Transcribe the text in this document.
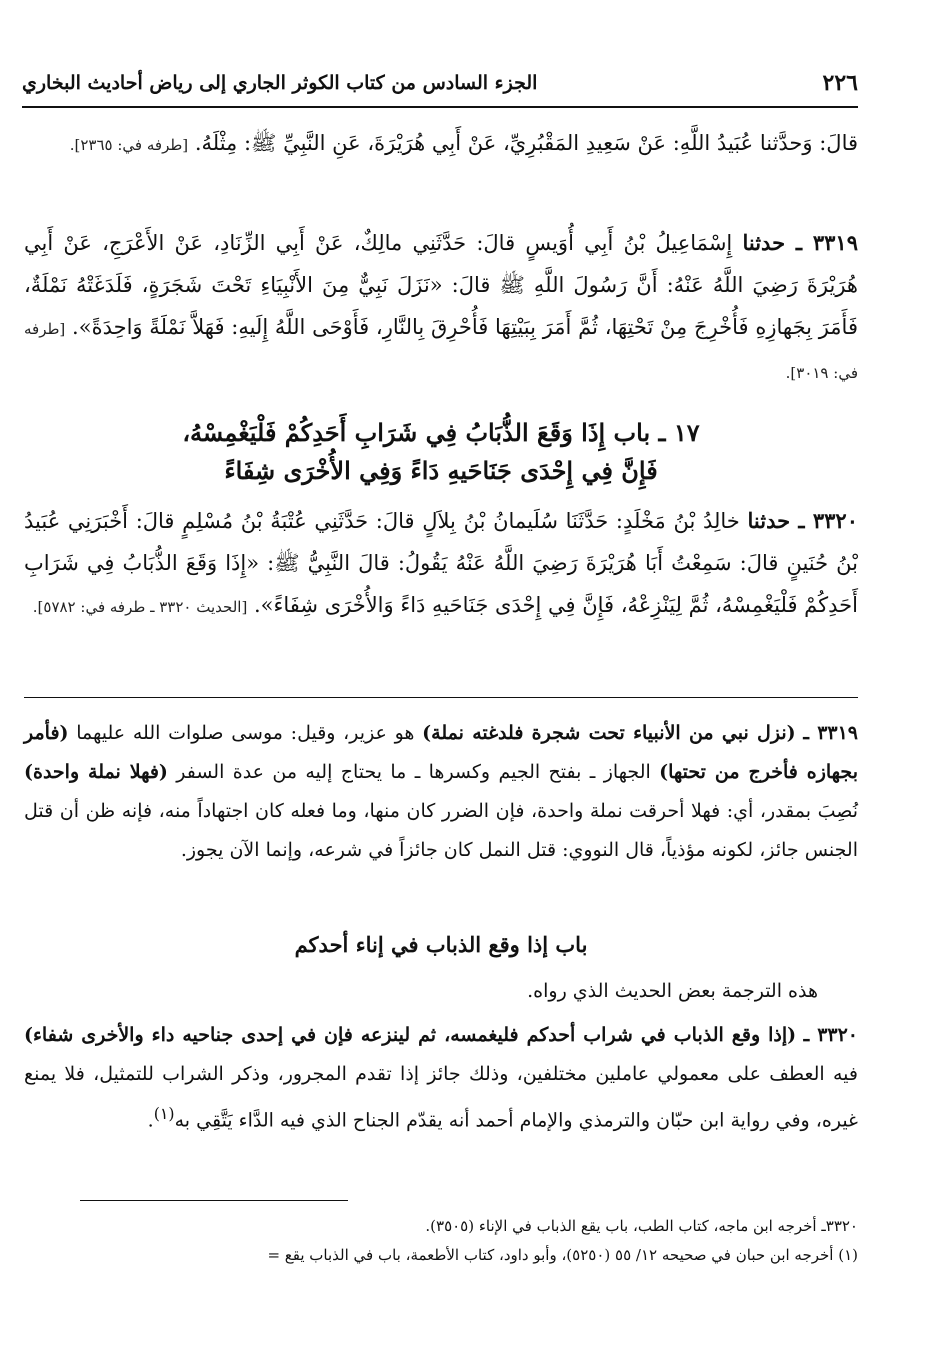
٢٢٦
الجزء السادس من كتاب الكوثر الجاري إلى رياض أحاديث البخاري
قالَ: وَحدَّثنا عُبَيدُ اللَّهِ: عَنْ سَعِيدِ المَقْبُرِيِّ، عَنْ أَبِي هُرَيْرَةَ، عَنِ النَّبِيِّ ﷺ: مِثْلَهُ. [طرفه في: ٢٣٦٥].
٣٣١٩ ـ حدثنا إِسْمَاعِيلُ بْنُ أَبِي أُوَيسٍ قالَ: حَدَّثَنِي مالِكٌ، عَنْ أَبِي الزِّنَادِ، عَنْ الأَعْرَجِ، عَنْ أَبِي هُرَيْرَةَ رَضِيَ اللَّهُ عَنْهُ: أَنَّ رَسُولَ اللَّهِ ﷺ قالَ: «نَزَلَ نَبِيٌّ مِنَ الأَنْبِيَاءِ تَحْتَ شَجَرَةٍ، فَلَدَغَتْهُ نَمْلَةٌ، فَأَمَرَ بِجَهازِهِ فَأُخْرِجَ مِنْ تَحْتِهَا، ثُمَّ أَمَرَ بِبَيْتِهَا فَأُحْرِقَ بِالنَّارِ، فَأَوْحَى اللَّهُ إِلَيهِ: فَهَلاَّ نَمْلَةً وَاحِدَةً». [طرفه في: ٣٠١٩].
١٧ ـ باب إِذَا وَقَعَ الذُّبَابُ فِي شَرَابِ أَحَدِكُمْ فَلْيَغْمِسْهُ،
فَإِنَّ فِي إِحْدَى جَنَاحَيهِ دَاءً وَفِي الأُخْرَى شِفَاءً
٣٣٢٠ ـ حدثنا خالِدُ بْنُ مَخْلَدٍ: حَدَّثَنَا سُلَيمانُ بْنُ بِلاَلٍ قالَ: حَدَّثَنِي عُتْبَةُ بْنُ مُسْلِمٍ قالَ: أَخْبَرَنِي عُبَيدُ بْنُ حُنَينٍ قالَ: سَمِعْتُ أَبَا هُرَيْرَةَ رَضِيَ اللَّهُ عَنْهُ يَقُولُ: قالَ النَّبِيُّ ﷺ: «إِذَا وَقَعَ الذُّبَابُ فِي شَرَابِ أَحَدِكُمْ فَلْيَغْمِسْهُ، ثُمَّ لِيَنْزِعْهُ، فَإِنَّ فِي إِحْدَى جَنَاحَيهِ دَاءً وَالأُخْرَى شِفَاءً». [الحديث ٣٣٢٠ ـ طرفه في: ٥٧٨٢].
٣٣١٩ ـ (نزل نبي من الأنبياء تحت شجرة فلدغته نملة) هو عزير، وقيل: موسى صلوات الله عليهما (فأمر بجهازه فأخرج من تحتها) الجهاز ـ بفتح الجيم وكسرها ـ ما يحتاج إليه من عدة السفر (فهلا نملة واحدة) نُصِبَ بمقدر، أي: فهلا أحرقت نملة واحدة، فإن الضرر كان منها، وما فعله كان اجتهاداً منه، فإنه ظن أن قتل الجنس جائز، لكونه مؤذياً، قال النووي: قتل النمل كان جائزاً في شرعه، وإنما الآن يجوز.
باب إذا وقع الذباب في إناء أحدكم
هذه الترجمة بعض الحديث الذي رواه.
٣٣٢٠ ـ (إذا وقع الذباب في شراب أحدكم فليغمسه، ثم لينزعه فإن في إحدى جناحيه داء والأخرى شفاء) فيه العطف على معمولي عاملين مختلفين، وذلك جائز إذا تقدم المجرور، وذكر الشراب للتمثيل، فلا يمنع غيره، وفي رواية ابن حبّان والترمذي والإمام أحمد أنه يقدّم الجناح الذي فيه الدَّاء يَتَّقِي به$^{(١)}$.
٣٣٢٠ـ أخرجه ابن ماجه، كتاب الطب، باب يقع الذباب في الإناء (٣٥٠٥).
(١) أخرجه ابن حبان في صحيحه ١٢/ ٥٥ (٥٢٥٠)، وأبو داود، كتاب الأطعمة، باب في الذباب يقع =
